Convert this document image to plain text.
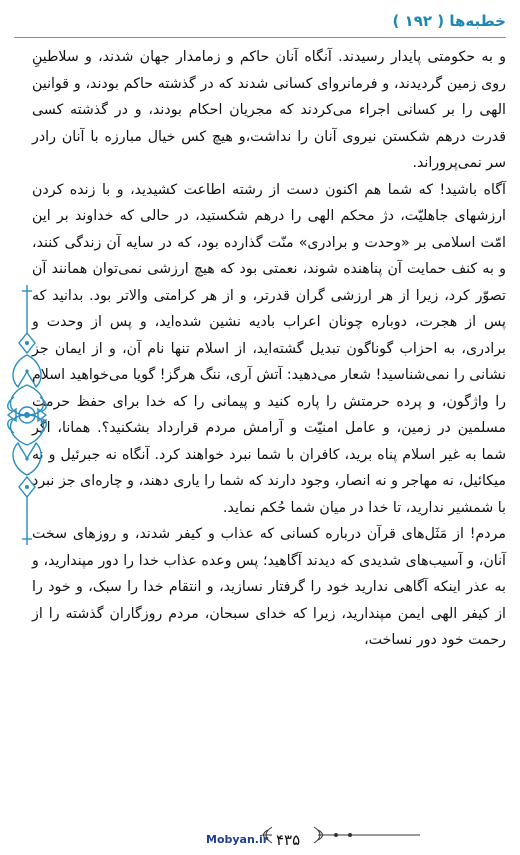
خطبه‌ها ( ۱۹۲ )

و به حکومتی پایدار رسیدند. آنگاه آنان حاکم و زمامدار جهان شدند، و سلاطینِ روی زمین گردیدند، و فرمانروای کسانی شدند که در گذشته حاکم بودند، و قوانین الهی را بر کسانی اجراء می‌کردند که مجریان احکام بودند، و در گذشته کسی قدرت درهم شکستن نیروی آنان را نداشت،و هیچ کس خیال مبارزه با آنان رادر سر نمی‌پروراند.

آگاه باشید! که شما هم اکنون دست از رشته اطاعت کشیدید، و با زنده کردن ارزشهای جاهلیّت، دژ محکم الهی را درهم شکستید، در حالی که خداوند بر این امّت اسلامی بر «وحدت و برادری» منّت گذارده بود، که در سایه آن زندگی کنند، و به کنف حمایت آن پناهنده شوند، نعمتی بود که هیچ ارزشی نمی‌توان همانند آن تصوّر کرد، زیرا از هر ارزشی گران قدرتر، و از هر کرامتی والاتر بود. بدانید که پس از هجرت، دوباره چونان اعراب بادیه نشین شده‌اید، و پس از وحدت و برادری، به احزاب گوناگون تبدیل گشته‌اید، از اسلام تنها نام آن، و از ایمان جز نشانی را نمی‌شناسید! شعار می‌دهید: آتش آری، ننگ هرگز! گویا می‌خواهید اسلام را واژگون، و پرده حرمتش را پاره کنید و پیمانی را که خدا برای حفظ حرمت مسلمین در زمین، و عامل امنیّت و آرامش مردم قرارداد بشکنید؟. همانا، اگر شما به غیر اسلام پناه برید، کافران با شما نبرد خواهند کرد. آنگاه نه جبرئیل و نه میکائیل، نه مهاجر و نه انصار، وجود دارند که شما را یاری دهند، و چاره‌ای جز نبرد با شمشیر ندارید، تا خدا در میان شما حُکم نماید.

مردم! از مَثَل‌های قرآن درباره کسانی که عذاب و کیفر شدند، و روزهای سخت آنان، و آسیب‌های شدیدی که دیدند آگاهید؛ پس وعده عذاب خدا را دور مپندارید، و به عذر اینکه آگاهی ندارید خود را گرفتار نسازید، و انتقام خدا را سبک، و خود را از کیفر الهی ایمن مپندارید، زیرا که خدای سبحان، مردم روزگاران گذشته را از رحمت خود دور نساخت،

Mobyan.ir ۴۳۵
